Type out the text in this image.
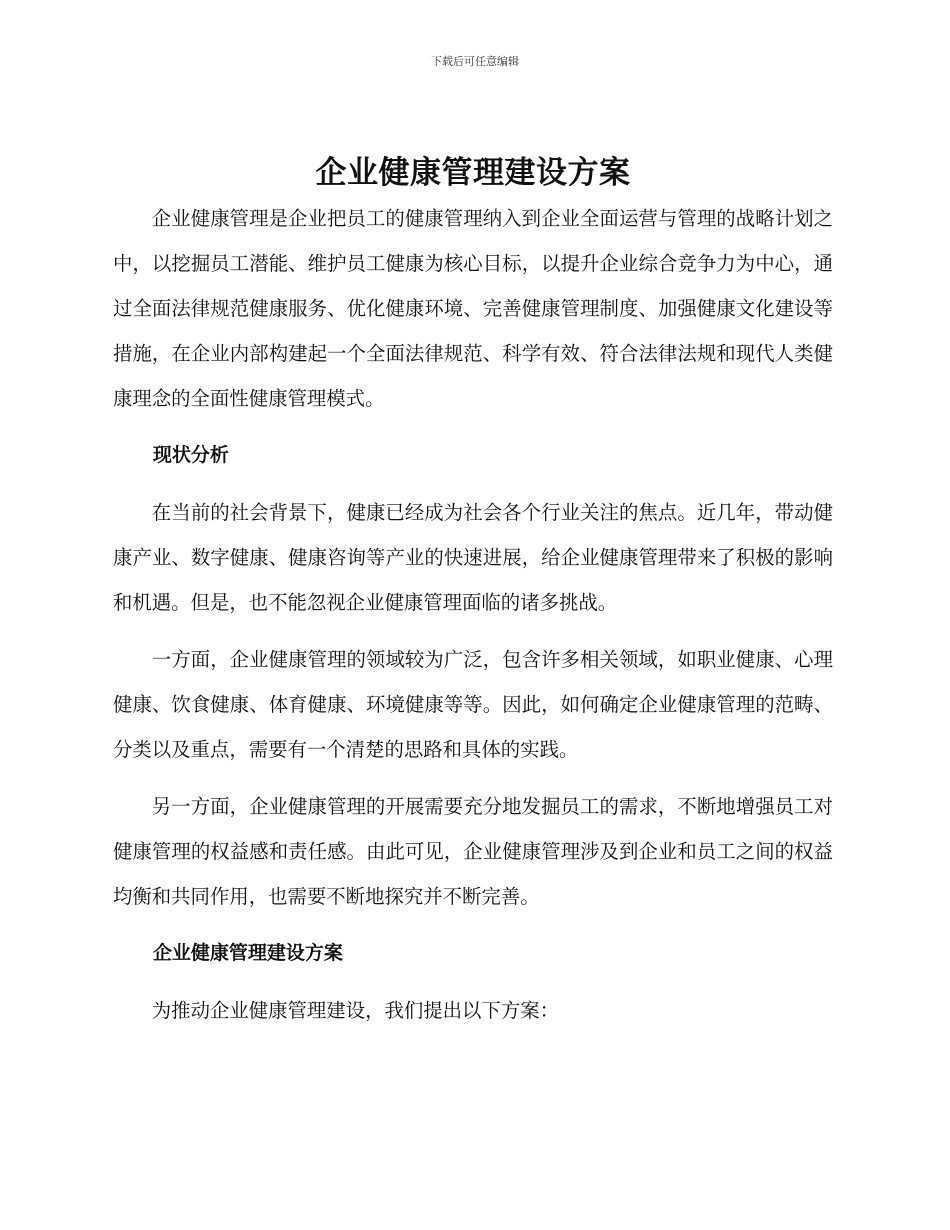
下载后可任意编辑
企业健康管理建设方案

企业健康管理是企业把员工的健康管理纳入到企业全面运营与管理的战略计划之中，以挖掘员工潜能、维护员工健康为核心目标，以提升企业综合竞争力为中心，通过全面法律规范健康服务、优化健康环境、完善健康管理制度、加强健康文化建设等措施，在企业内部构建起一个全面法律规范、科学有效、符合法律法规和现代人类健康理念的全面性健康管理模式。

现状分析

在当前的社会背景下，健康已经成为社会各个行业关注的焦点。近几年，带动健康产业、数字健康、健康咨询等产业的快速进展，给企业健康管理带来了积极的影响和机遇。但是，也不能忽视企业健康管理面临的诸多挑战。

一方面，企业健康管理的领域较为广泛，包含许多相关领域，如职业健康、心理健康、饮食健康、体育健康、环境健康等等。因此，如何确定企业健康管理的范畴、分类以及重点，需要有一个清楚的思路和具体的实践。

另一方面，企业健康管理的开展需要充分地发掘员工的需求，不断地增强员工对健康管理的权益感和责任感。由此可见，企业健康管理涉及到企业和员工之间的权益均衡和共同作用，也需要不断地探究并不断完善。

企业健康管理建设方案

为推动企业健康管理建设，我们提出以下方案：
